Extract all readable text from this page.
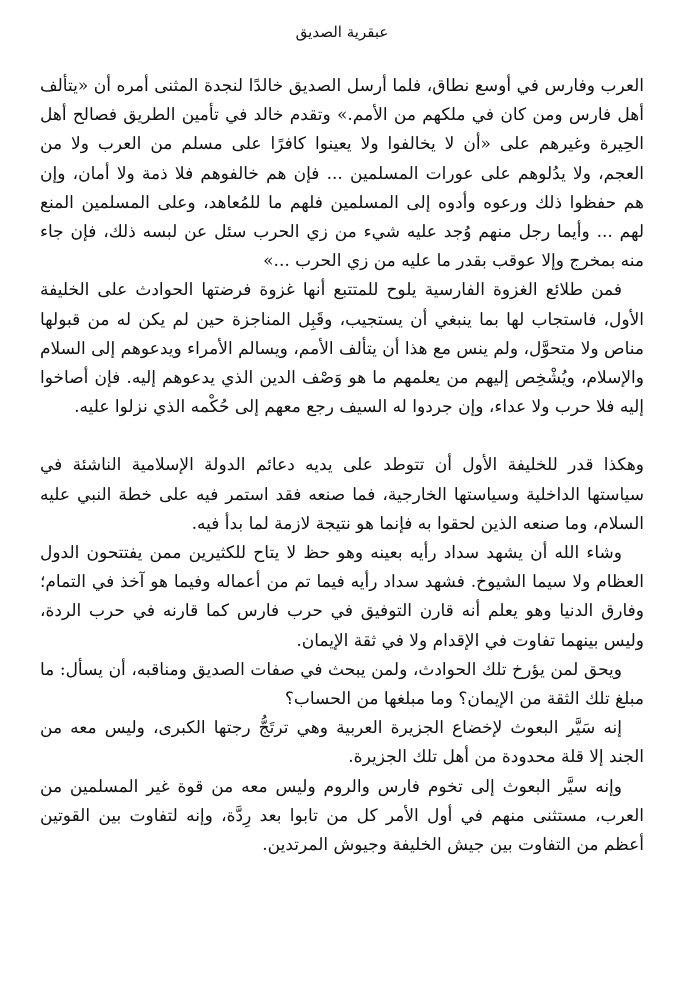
عبقرية الصديق

العرب وفارس في أوسع نطاق، فلما أرسل الصديق خالدًا لنجدة المثنى أمره أن «يتألف أهل فارس ومن كان في ملكهم من الأمم.» وتقدم خالد في تأمين الطريق فصالح أهل الحِيرة وغيرهم على «أن لا يخالفوا ولا يعينوا كافرًا على مسلم من العرب ولا من العجم، ولا يدُلوهم على عورات المسلمين ... فإن هم خالفوهم فلا ذمة ولا أمان، وإن هم حفظوا ذلك ورعوه وأدوه إلى المسلمين فلهم ما للمُعاهد، وعلى المسلمين المنع لهم ... وأيما رجل منهم وُجد عليه شيء من زي الحرب سئل عن لبسه ذلك، فإن جاء منه بمخرج وإلا عوقب بقدر ما عليه من زي الحرب ...»

فمن طلائع الغزوة الفارسية يلوح للمتتبع أنها غزوة فرضتها الحوادث على الخليفة الأول، فاستجاب لها بما ينبغي أن يستجيب، وقَبِل المناجزة حين لم يكن له من قبولها مناص ولا متحوَّل، ولم ينس مع هذا أن يتألف الأمم، ويسالم الأمراء ويدعوهم إلى السلام والإسلام، ويُشْخِص إليهم من يعلمهم ما هو وَصْف الدين الذي يدعوهم إليه. فإن أصاخوا إليه فلا حرب ولا عداء، وإن جردوا له السيف رجع معهم إلى حُكْمه الذي نزلوا عليه.

وهكذا قدر للخليفة الأول أن تتوطد على يديه دعائم الدولة الإسلامية الناشئة في سياستها الداخلية وسياستها الخارجية، فما صنعه فقد استمر فيه على خطة النبي عليه السلام، وما صنعه الذين لحقوا به فإنما هو نتيجة لازمة لما بدأ فيه.

وشاء الله أن يشهد سداد رأيه بعينه وهو حظ لا يتاح للكثيرين ممن يفتتحون الدول العظام ولا سيما الشيوخ. فشهد سداد رأيه فيما تم من أعماله وفيما هو آخذ في التمام؛ وفارق الدنيا وهو يعلم أنه قارن التوفيق في حرب فارس كما قارنه في حرب الردة، وليس بينهما تفاوت في الإقدام ولا في ثقة الإيمان.

ويحق لمن يؤرخ تلك الحوادث، ولمن يبحث في صفات الصديق ومناقبه، أن يسأل: ما مبلغ تلك الثقة من الإيمان؟ وما مبلغها من الحساب؟

إنه سَيَّر البعوث لإخضاع الجزيرة العربية وهي ترتَجُّ رجتها الكبرى، وليس معه من الجند إلا قلة محدودة من أهل تلك الجزيرة.

وإنه سيَّر البعوث إلى تخوم فارس والروم وليس معه من قوة غير المسلمين من العرب، مستثنى منهم في أول الأمر كل من تابوا بعد رِدَّة، وإنه لتفاوت بين القوتين أعظم من التفاوت بين جيش الخليفة وجيوش المرتدين.
